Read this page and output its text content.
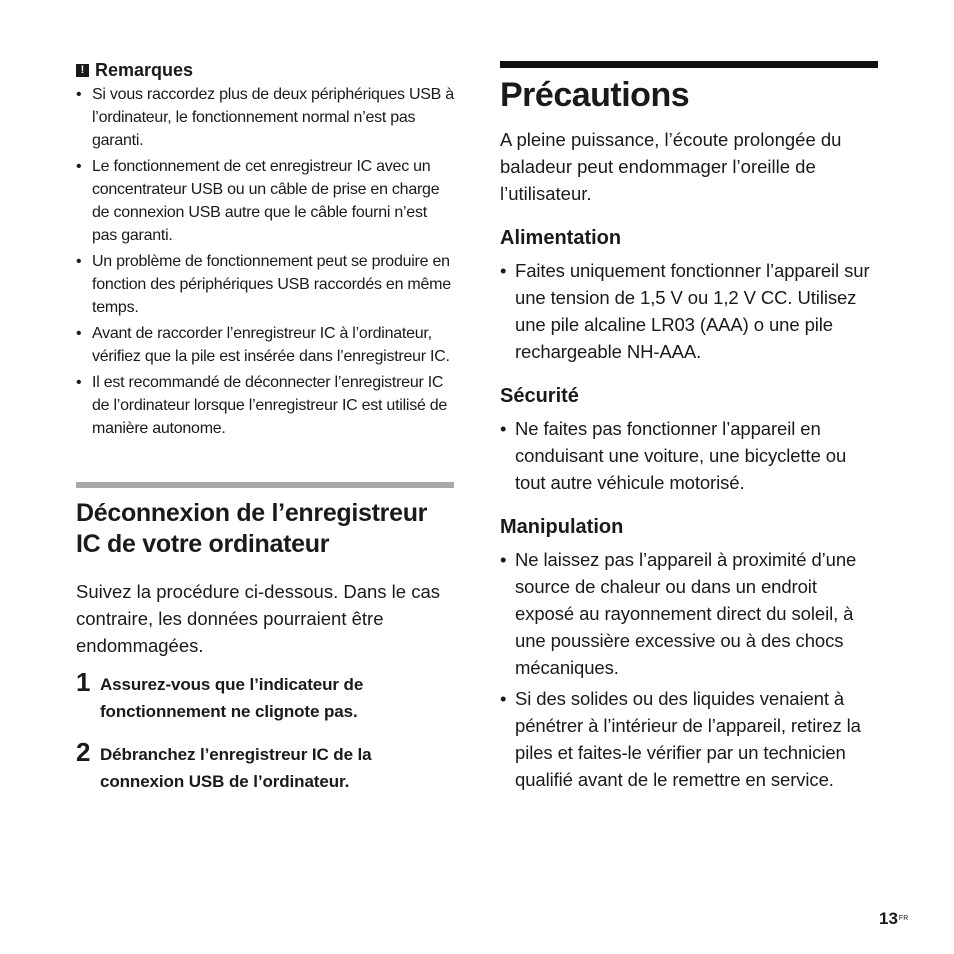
! Remarques
• Si vous raccordez plus de deux périphériques USB à l’ordinateur, le fonctionnement normal n’est pas garanti.
• Le fonctionnement de cet enregistreur IC avec un concentrateur USB ou un câble de prise en charge de connexion USB autre que le câble fourni n’est pas garanti.
• Un problème de fonctionnement peut se produire en fonction des périphériques USB raccordés en même temps.
• Avant de raccorder l’enregistreur IC à l’ordinateur, vérifiez que la pile est insérée dans l’enregistreur IC.
• Il est recommandé de déconnecter l’enregistreur IC de l’ordinateur lorsque l’enregistreur IC est utilisé de manière autonome.
Déconnexion de l’enregistreur IC de votre ordinateur

Suivez la procédure ci-dessous. Dans le cas contraire, les données pourraient être endommagées.

1 Assurez-vous que l’indicateur de fonctionnement ne clignote pas.
2 Débranchez l’enregistreur IC de la connexion USB de l’ordinateur.
Précautions

A pleine puissance, l’écoute prolongée du baladeur peut endommager l’oreille de l’utilisateur.

Alimentation
• Faites uniquement fonctionner l’appareil sur une tension de 1,5 V ou 1,2 V CC. Utilisez une pile alcaline LR03 (AAA) o une pile rechargeable NH-AAA.
Sécurité
• Ne faites pas fonctionner l’appareil en conduisant une voiture, une bicyclette ou tout autre véhicule motorisé.
Manipulation
• Ne laissez pas l’appareil à proximité d’une source de chaleur ou dans un endroit exposé au rayonnement direct du soleil, à une poussière excessive ou à des chocs mécaniques.
• Si des solides ou des liquides venaient à pénétrer à l’intérieur de l’appareil, retirez la piles et faites-le vérifier par un technicien qualifié avant de le remettre en service.
$13^{FR}$
